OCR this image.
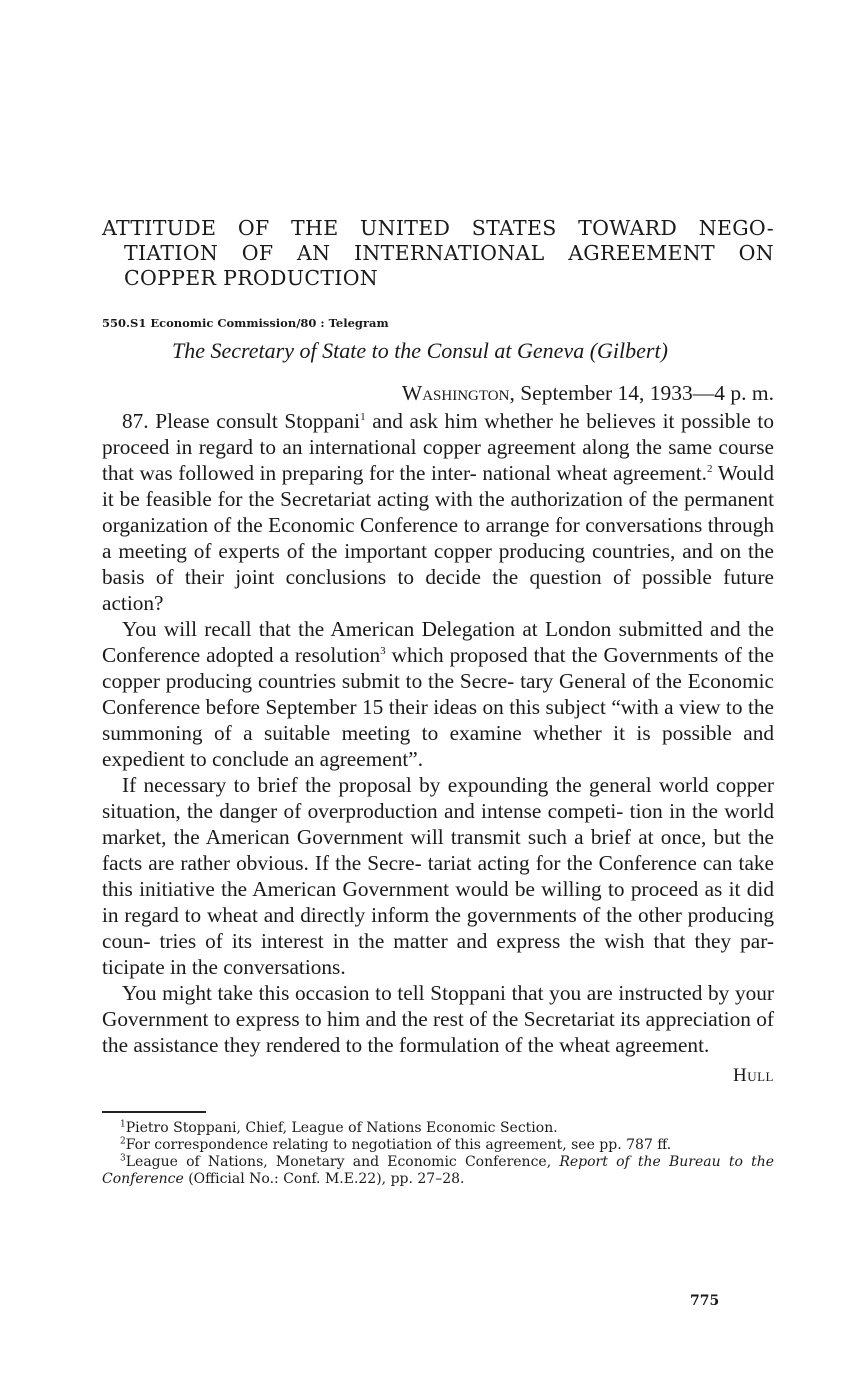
ATTITUDE OF THE UNITED STATES TOWARD NEGO- TIATION OF AN INTERNATIONAL AGREEMENT ON COPPER PRODUCTION
550.S1 Economic Commission/80 : Telegram
The Secretary of State to the Consul at Geneva (Gilbert)
Washington, September 14, 1933—4 p. m.

87. Please consult Stoppani$^1$ and ask him whether he believes it possible to proceed in regard to an international copper agreement along the same course that was followed in preparing for the inter- national wheat agreement.$^2$ Would it be feasible for the Secretariat acting with the authorization of the permanent organization of the Economic Conference to arrange for conversations through a meeting of experts of the important copper producing countries, and on the basis of their joint conclusions to decide the question of possible future action?

You will recall that the American Delegation at London submitted and the Conference adopted a resolution$^3$ which proposed that the Governments of the copper producing countries submit to the Secre- tary General of the Economic Conference before September 15 their ideas on this subject “with a view to the summoning of a suitable meeting to examine whether it is possible and expedient to conclude an agreement”.

If necessary to brief the proposal by expounding the general world copper situation, the danger of overproduction and intense competi- tion in the world market, the American Government will transmit such a brief at once, but the facts are rather obvious. If the Secre- tariat acting for the Conference can take this initiative the American Government would be willing to proceed as it did in regard to wheat and directly inform the governments of the other producing coun- tries of its interest in the matter and express the wish that they par- ticipate in the conversations.

You might take this occasion to tell Stoppani that you are instructed by your Government to express to him and the rest of the Secretariat its appreciation of the assistance they rendered to the formulation of the wheat agreement.

Hull

$^1$Pietro Stoppani, Chief, League of Nations Economic Section.

$^2$For correspondence relating to negotiation of this agreement, see pp. 787 ff.

$^3$League of Nations, Monetary and Economic Conference, Report of the Bureau to the Conference (Official No.: Conf. M.E.22), pp. 27–28.

775
